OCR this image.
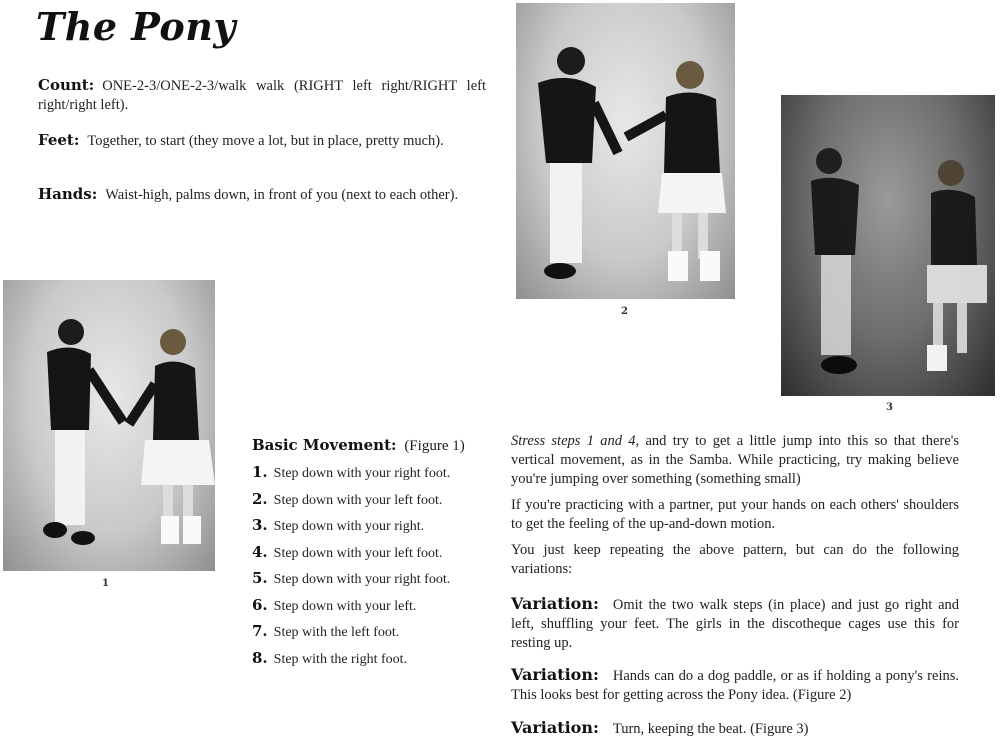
The Pony
Count: ONE-2-3/ONE-2-3/walk walk (RIGHT left right/RIGHT left right/right left).
Feet: Together, to start (they move a lot, but in place, pretty much).
Hands: Waist-high, palms down, in front of you (next to each other).
1
2
3
Basic Movement: (Figure 1)
1. Step down with your right foot.
2. Step down with your left foot.
3. Step down with your right.
4. Step down with your left foot.
5. Step down with your right foot.
6. Step down with your left.
7. Step with the left foot.
8. Step with the right foot.
Stress steps 1 and 4, and try to get a little jump into this so that there's vertical movement, as in the Samba. While practicing, try making believe you're jumping over something (something small)
If you're practicing with a partner, put your hands on each others' shoulders to get the feeling of the up-and-down motion.
You just keep repeating the above pattern, but can do the following variations:
Variation: Omit the two walk steps (in place) and just go right and left, shuffling your feet. The girls in the discotheque cages use this for resting up.
Variation: Hands can do a dog paddle, or as if holding a pony's reins. This looks best for getting across the Pony idea. (Figure 2)
Variation: Turn, keeping the beat. (Figure 3)
